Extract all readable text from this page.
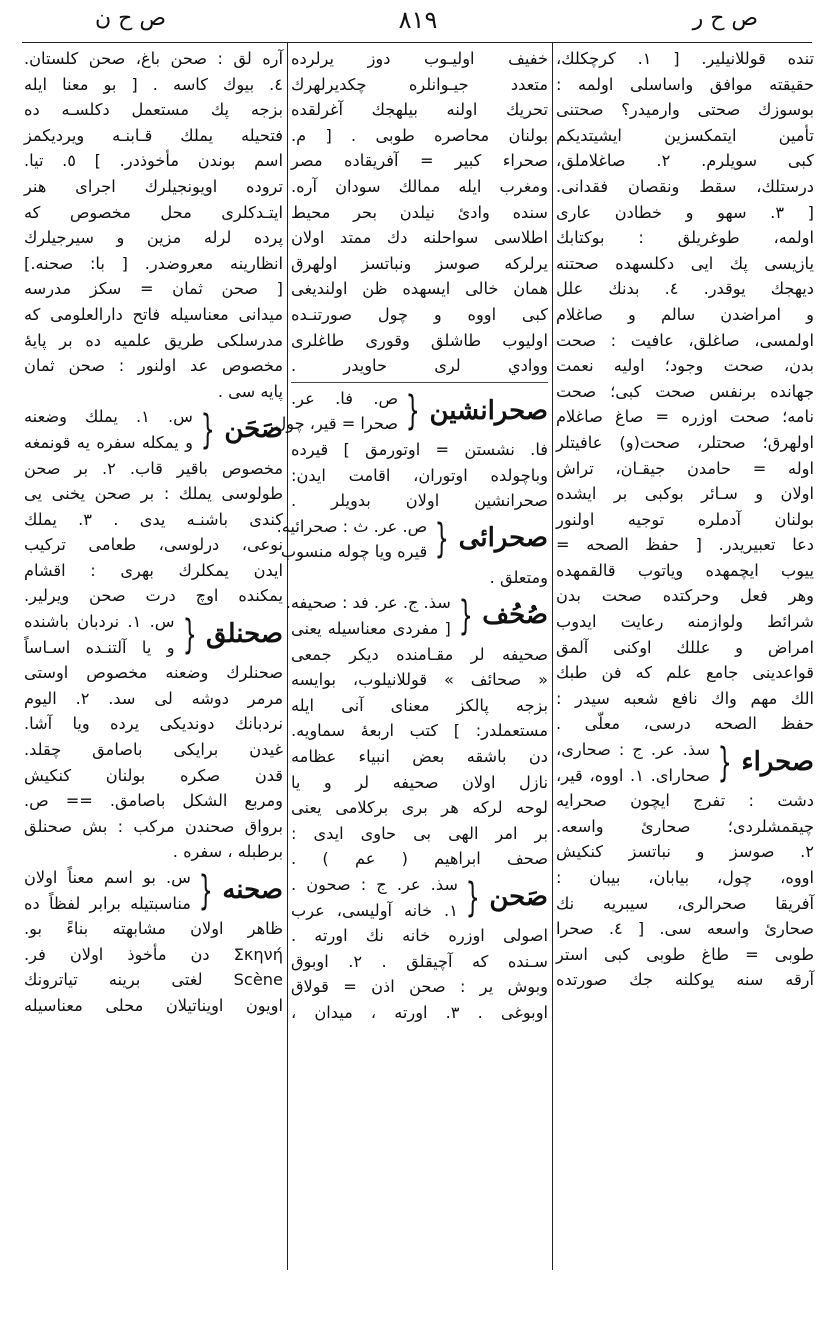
ص ح ر
۸۱۹
ص ح ن
تنده قوللانيلير. [ ١. كرچكلك،
حقيقته موافق واساسلى اولمه :
بوسوزك صحتى وارميدر؟ صحتنى
تأمين ايتمكسزين ايشيتديكم
كبى سويلرم. ٢. صاغلاملق،
درستلك، سقط ونقصان فقدانى.
[ ٣. سهو و خطادن عارى
اولمه، طوغريلق : بوكتابك
يازيسى پك ايى دكلسهده صحتنه
ديهجك يوقدر. ٤. بدنك علل
و امراضدن سالم و صاغلام
اولمسى، صاغلق، عافيت : صحت
بدن، صحت وجود؛ اوليه نعمت
جهانده برنفس صحت كبى؛ صحت
نامه؛ صحت اوزره = صاغ صاغلام
اولهرق؛ صحتلر، صحت(و) عافيتلر
اوله = حامدن جيقـان، تراش
اولان و سـائر بوكبى بر ايشده
بولنان آدملره توجيه اولنور
دعا تعبيريدر. [ حفظ الصحه =
ييوب ايچمهده وياتوب قالقمهده
وهر فعل وحركتده صحت بدن
شرائط ولوازمنه رعايت ايدوب
امراض و عللك اوكنى آلمق
قواعدينى جامع علم كه فن طبك
الك مهم واك نافع شعبه سيدر :
حفظ الصحه درسى، معلّى .
صحراء
{
سذ. عر. ج : صحارى،
صحاراى. ١. اووه، قير،
دشت : تفرج ايچون صحرايه
چيقمشلردى؛ صحارئ واسعه.
٢. صوسز و نباتسز كنكيش
اووه، چول، بيابان، بيبان :
آفريقا صحرالرى، سيبريه نك
صحارئ واسعه سى. [ ٤. صحرا
طوبى = طاغ طوبى كبى استر
آرقه سنه يوكلنه جك صورتده
خفيف اوليـوب دوز يرلرده
متعدد جيـوانلره چكديرلهرك
تحريك اولنه بيلهجك آغرلقده
بولنان محاصره طوبى . [ م.
صحراء كبير = آفريقاده مصر
ومغرب ايله ممالك سودان آره.
سنده وادئ نيلدن بحر محيط
اطلاسى سواحلنه دك ممتد اولان
يرلركه صوسز ونباتسز اولهرق
همان خالى ايسهده ظن اولنديغى
كبى اووه و چول صورتنـده
اوليوب طاشلق وقورى طاغلرى
ووادي لرى حاويدر .
صحرانشين
{
ص. فا. عر.
صحرا = قير، چول.
فا. نشستن = اوتورمق ] قيرده
وباچولده اوتوران، اقامت ايدن:
صحرانشين اولان بدويلر .
صحرائى
{
ص. عر. ث : صحرائيه.
قيره ويا چوله منسوب
ومتعلق .
صُحُف
{
سذ. ج. عر. فد : صحيفه.
[ مفردى معناسيله يعنى
صحيفه لر مقـامنده ديكر جمعى
« صحائف » قوللانيلوب، بوايسه
بزجه پالكز معناى آنى ايله
مستعملدر: ] كتب اربعهٔ سماويه.
دن باشقه بعض انبياء عظامه
نازل اولان صحيفه لر و يا
لوحه لركه هر برى بركلامى يعنى
بر امر الهى بى حاوى ايدى :
صحف ابراهيم ( عم ) .
صَحن
{
سذ. عر. ج : صحون .
١. خانه آوليسى، عرب
اصولى اوزره خانه نك اورته .
سـنده كه آچيقلق . ٢. اوبوق
وبوش ير : صحن اذن = قولاق
اوبوغى . ٣. اورته ، ميدان ،
آره لق : صحن باغ، صحن كلستان.
٤. بيوك كاسه . [ بو معنا ايله
بزجه پك مستعمل دكلسـه ده
فتحيله يملك قـابنـه ويرديكمز
اسم بوندن مأخوذدر. ] ٥. تيا.
تروده اويونجيلرك اجراى هنر
ايتـدكلرى محل مخصوص كه
پرده لرله مزين و سيرجيلرك
انظارينه معروضدر. [ با: صحنه.]
[ صحن ثمان = سكز مدرسه
ميدانى معناسيله فاتح دارالعلومى كه
مدرسلكى طريق علميه ده بر پايهٔ
مخصوص عد اولنور : صحن ثمان
پايه سى .
صَحَن
{
س. ١. يملك وضعنه
و يمكله سفره يه قونمغه
مخصوص باقير قاب. ٢. بر صحن
طولوسى يملك : بر صحن يخنى يى
كندى باشنـه يدى . ٣. يملك
نوعى، درلوسى، طعامى تركيب
ايدن يمكلرك بهرى : اقشام
يمكنده اوچ درت صحن ويرلير.
صحنلق
{
س. ١. نردبان باشنده
و يا آلتنـده اسـاساً
صحنلرك وضعنه مخصوص اوستى
مرمر دوشه لى سد. ٢. اليوم
نردبانك دونديكى يرده ويا آشا.
غيدن برايكى باصامق چقلد.
قدن صكره بولنان كنكيش
ومربع الشكل باصامق. == ص.
برواق صحندن مركب : بش صحنلق
برطبله ، سفره .
صحنه
{
س. بو اسم معناً اولان
مناسبتيله برابر لفظاً ده
ظاهر اولان مشابهته بناءً بو.
Σκηνή دن مأخوذ اولان فر.
Scène لغتى برينه تياترونك
اويون اويناتيلان محلى معناسيله
